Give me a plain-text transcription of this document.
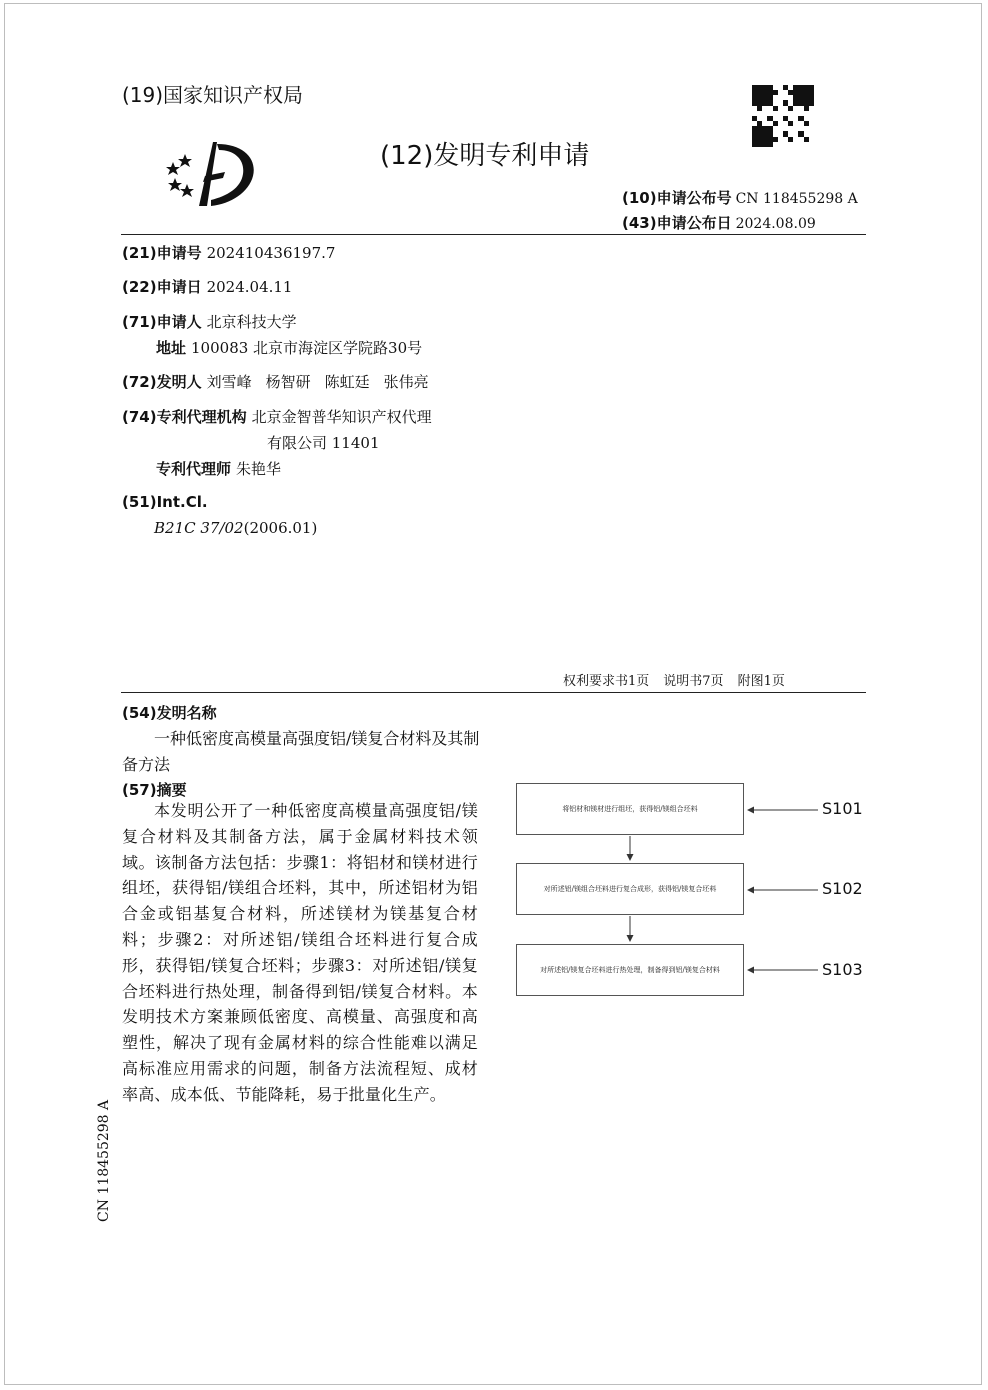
(19)国家知识产权局
(12)发明专利申请
(10)申请公布号 CN 118455298 A
(43)申请公布日 2024.08.09
(21)申请号 202410436197.7
(22)申请日 2024.04.11
(71)申请人 北京科技大学
地址 100083 北京市海淀区学院路30号
(72)发明人 刘雪峰 杨智研 陈虹廷 张伟亮
(74)专利代理机构 北京金智普华知识产权代理
有限公司 11401
专利代理师 朱艳华
(51)Int.Cl.
B21C 37/02(2006.01)
权利要求书1页 说明书7页 附图1页
(54)发明名称
一种低密度高模量高强度铝/镁复合材料及其制备方法
(57)摘要
本发明公开了一种低密度高模量高强度铝/镁复合材料及其制备方法，属于金属材料技术领域。该制备方法包括：步骤1：将铝材和镁材进行组坯，获得铝/镁组合坯料，其中，所述铝材为铝合金或铝基复合材料，所述镁材为镁基复合材料；步骤2：对所述铝/镁组合坯料进行复合成形，获得铝/镁复合坯料；步骤3：对所述铝/镁复合坯料进行热处理，制备得到铝/镁复合材料。本发明技术方案兼顾低密度、高模量、高强度和高塑性，解决了现有金属材料的综合性能难以满足高标准应用需求的问题，制备方法流程短、成材率高、成本低、节能降耗，易于批量化生产。
将铝材和镁材进行组坯，获得铝/镁组合坯料
对所述铝/镁组合坯料进行复合成形，获得铝/镁复合坯料
对所述铝/镁复合坯料进行热处理，制备得到铝/镁复合材料
S101
S102
S103
CN 118455298 A
